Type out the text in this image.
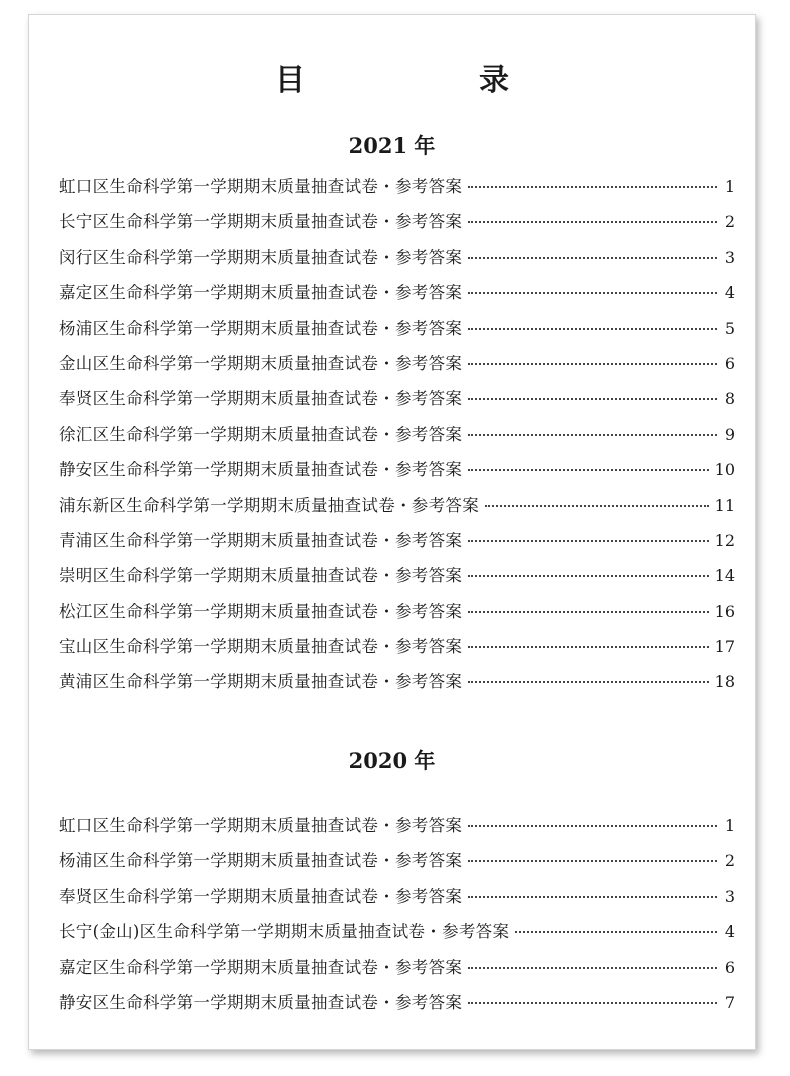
目　录
2021 年
虹口区生命科学第一学期期末质量抽查试卷・参考答案	1
长宁区生命科学第一学期期末质量抽查试卷・参考答案	2
闵行区生命科学第一学期期末质量抽查试卷・参考答案	3
嘉定区生命科学第一学期期末质量抽查试卷・参考答案	4
杨浦区生命科学第一学期期末质量抽查试卷・参考答案	5
金山区生命科学第一学期期末质量抽查试卷・参考答案	6
奉贤区生命科学第一学期期末质量抽查试卷・参考答案	8
徐汇区生命科学第一学期期末质量抽查试卷・参考答案	9
静安区生命科学第一学期期末质量抽查试卷・参考答案	10
浦东新区生命科学第一学期期末质量抽查试卷・参考答案	11
青浦区生命科学第一学期期末质量抽查试卷・参考答案	12
崇明区生命科学第一学期期末质量抽查试卷・参考答案	14
松江区生命科学第一学期期末质量抽查试卷・参考答案	16
宝山区生命科学第一学期期末质量抽查试卷・参考答案	17
黄浦区生命科学第一学期期末质量抽查试卷・参考答案	18
2020 年
虹口区生命科学第一学期期末质量抽查试卷・参考答案	1
杨浦区生命科学第一学期期末质量抽查试卷・参考答案	2
奉贤区生命科学第一学期期末质量抽查试卷・参考答案	3
长宁(金山)区生命科学第一学期期末质量抽查试卷・参考答案	4
嘉定区生命科学第一学期期末质量抽查试卷・参考答案	6
静安区生命科学第一学期期末质量抽查试卷・参考答案	7
